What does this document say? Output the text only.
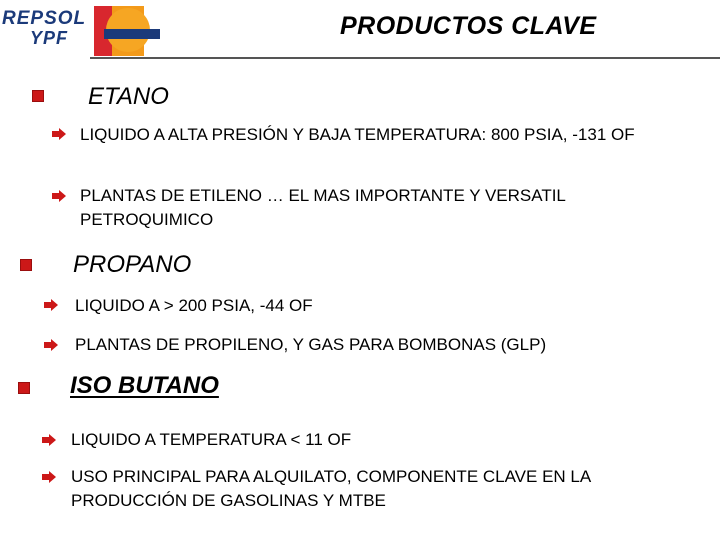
REPSOL
YPF	PRODUCTOS CLAVE
ETANO
LIQUIDO A ALTA PRESIÓN Y BAJA TEMPERATURA: 800 PSIA, -131 OF
PLANTAS DE ETILENO … EL MAS IMPORTANTE Y VERSATIL PETROQUIMICO
PROPANO
LIQUIDO A > 200 PSIA, -44 OF
PLANTAS DE PROPILENO, Y GAS PARA BOMBONAS (GLP)
ISO BUTANO
LIQUIDO A TEMPERATURA < 11 OF
USO PRINCIPAL PARA ALQUILATO, COMPONENTE CLAVE EN LA PRODUCCIÓN DE GASOLINAS Y MTBE
